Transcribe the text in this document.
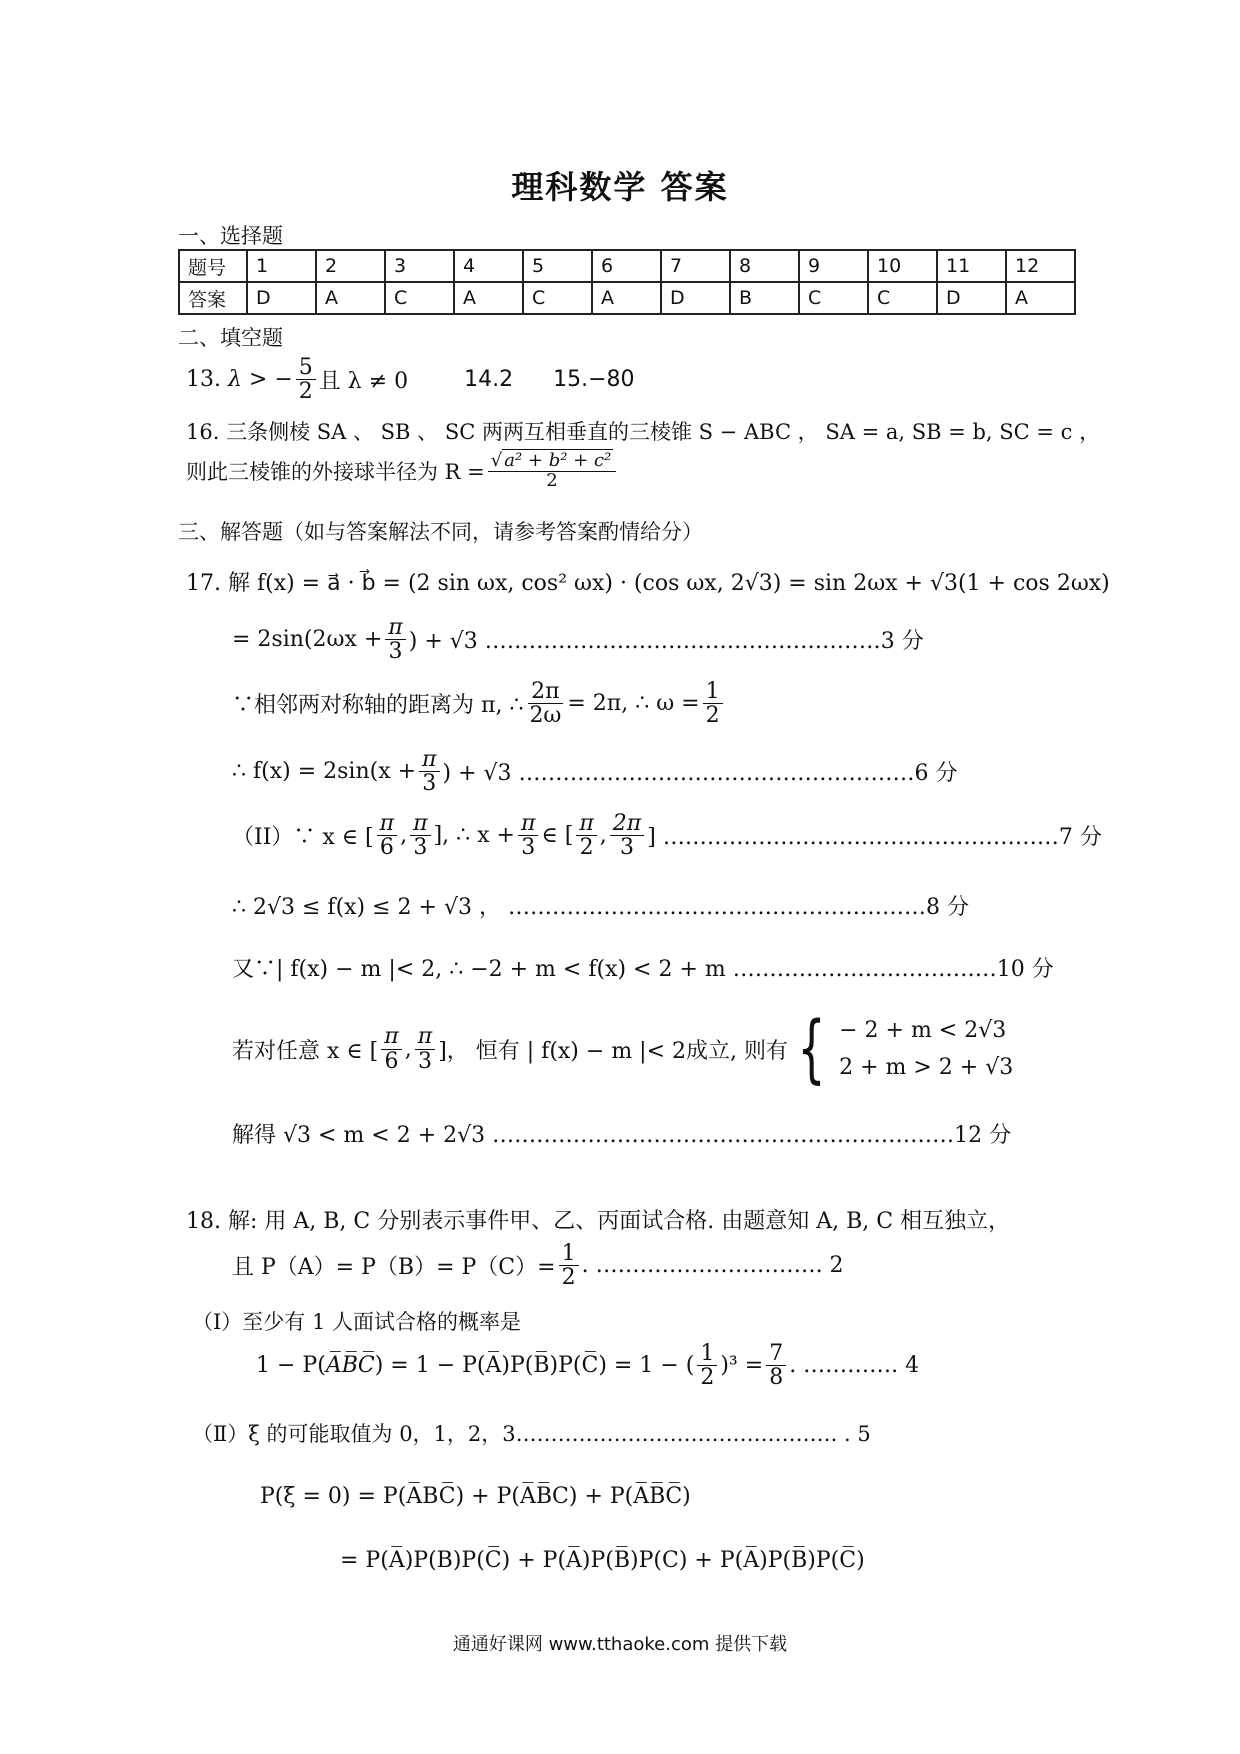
理科数学 答案
一、选择题
题号	1	2	3	4	5	6	7	8	9	10	11	12
答案	D	A	C	A	C	A	D	B	C	C	D	A
二、填空题
13.
λ > − $\frac{5}{2}$ 且 λ ≠ 0	14.2 15.−80
16. 三条侧棱 SA 、 SB 、 SC 两两互相垂直的三棱锥 S − ABC ， SA = a, SB = b, SC = c ，
则此三棱锥的外接球半径为 $R = \frac{\text{√ a² + b² + c²}}{2}$
三、解答题（如与答案解法不同，请参考答案酌情给分）
17. 解 f(x) = a⃗ · b⃗ = (2 sin ωx, cos² ωx) · (cos ωx, 2√3) = sin 2ωx + √3(1 + cos 2ωx)
= $2\sin(2\omega x + \frac{\pi}{3}$ ) + √3 ………………………………………………3 分
∵相邻两对称轴的距离为 π, ∴ $\frac{2\pi}{2\omega} = 2\pi$, ∴ $\omega = \frac{1}{2}$
∴ $f(x) = 2\sin(x + \frac{\pi}{3}$ ) + √3 ………………………………………………6 分
（II）∵ x ∈ [ $\frac{\pi}{6}$ , $\frac{\pi}{3}$ ], ∴ $x + \frac{\pi}{3}$ ∈ [ $\frac{\pi}{2}$ , $\frac{2\pi}{3}$ ] ………………………………………………7 分
∴ 2√3 ≤ f(x) ≤ 2 + √3 ， …………………………………………………8 分
又∵| f(x) − m |< 2, ∴ −2 + m < f(x) < 2 + m ………………………………10 分
若对任意 x ∈ [ $\frac{\pi}{6}$ , $\frac{\pi}{3}$ ]， 恒有 | f(x) − m |< 2成立, 则有 { − 2 + m < 2√3
2 + m > 2 + √3
解得 √3 < m < 2 + 2√3 ………………………………………………………12 分
18. 解: 用 A, B, C 分别表示事件甲、乙、丙面试合格. 由题意知 A, B, C 相互独立，
且 $P(A)= P(B)= P(C)= \frac{1}{2}$ . …………………………. 2
（Ⅰ）至少有 1 人面试合格的概率是
1 − P( A̅B̅C̅ ) = 1 − P(A̅)P(B̅)P(C̅) = 1 − ( $\frac{1}{2} )^3 = \frac{7}{8}$ . …………. 4
（Ⅱ）ξ 的可能取值为 0，1，2，3………………………………………. . 5
P(ξ = 0) = P(A̅BC̅) + P(A̅B̅C) + P(A̅B̅C̅)
= P(A̅)P(B)P(C̅) + P(A̅)P(B̅)P(C) + P(A̅)P(B̅)P(C̅)
通通好课网 www.tthaoke.com 提供下载
